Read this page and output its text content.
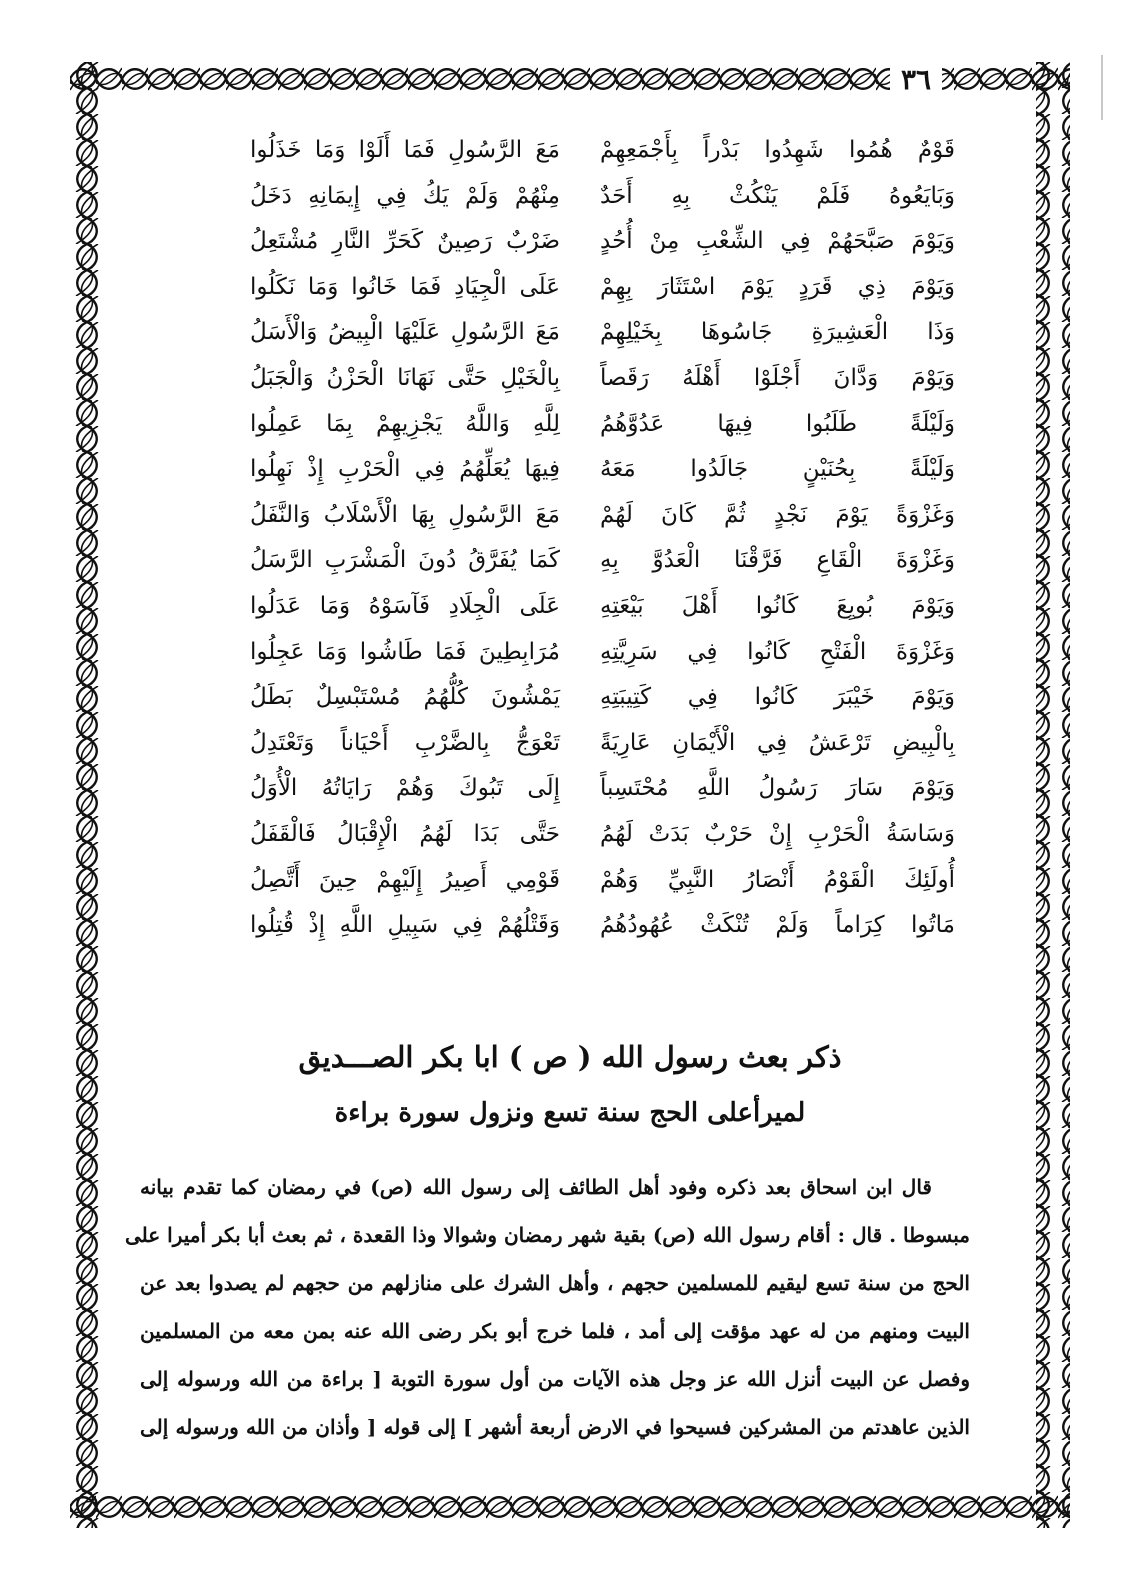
٣٦
قَوْمٌ هُمُوا شَهِدُوا بَدْراً بِأَجْمَعِهِمْ
مَعَ الرَّسُولِ فَمَا أَلَوْا وَمَا خَذَلُوا
وَبَايَعُوهُ فَلَمْ يَنْكُثْ بِهِ أَحَدٌ
مِنْهُمْ وَلَمْ يَكُ فِي إِيمَانِهِ دَخَلُ
وَيَوْمَ صَبَّحَهُمْ فِي الشِّعْبِ مِنْ أُحُدٍ
ضَرْبٌ رَصِينٌ كَحَرِّ النَّارِ مُشْتَعِلُ
وَيَوْمَ ذِي قَرَدٍ يَوْمَ اسْتَثَارَ بِهِمْ
عَلَى الْجِيَادِ فَمَا خَانُوا وَمَا نَكَلُوا
وَذَا الْعَشِيرَةِ جَاسُوهَا بِخَيْلِهِمْ
مَعَ الرَّسُولِ عَلَيْهَا الْبِيضُ وَالْأَسَلُ
وَيَوْمَ وَدَّانَ أَجْلَوْا أَهْلَهُ رَقَصاً
بِالْخَيْلِ حَتَّى نَهَانَا الْحَزْنُ وَالْجَبَلُ
وَلَيْلَةً طَلَبُوا فِيهَا عَدُوَّهُمُ
لِلَّهِ وَاللَّهُ يَجْزِيهِمْ بِمَا عَمِلُوا
وَلَيْلَةً بِحُنَيْنٍ جَالَدُوا مَعَهُ
فِيهَا يُعَلِّهُمُ فِي الْحَرْبِ إِذْ نَهِلُوا
وَغَزْوَةً يَوْمَ نَجْدٍ ثُمَّ كَانَ لَهُمْ
مَعَ الرَّسُولِ بِهَا الْأَسْلَابُ وَالنَّفَلُ
وَغَزْوَةَ الْقَاعِ فَرَّقْنَا الْعَدُوَّ بِهِ
كَمَا يُفَرَّقُ دُونَ الْمَشْرَبِ الرَّسَلُ
وَيَوْمَ بُويِعَ كَانُوا أَهْلَ بَيْعَتِهِ
عَلَى الْجِلَادِ فَآسَوْهُ وَمَا عَدَلُوا
وَغَزْوَةَ الْفَتْحِ كَانُوا فِي سَرِيَّتِهِ
مُرَابِطِينَ فَمَا طَاشُوا وَمَا عَجِلُوا
وَيَوْمَ خَيْبَرَ كَانُوا فِي كَتِيبَتِهِ
يَمْشُونَ كُلُّهُمُ مُسْتَبْسِلٌ بَطَلُ
بِالْبِيضِ تَرْعَشُ فِي الْأَيْمَانِ عَارِيَةً
تَعْوَجُّ بِالضَّرْبِ أَحْيَاناً وَتَعْتَدِلُ
وَيَوْمَ سَارَ رَسُولُ اللَّهِ مُحْتَسِباً
إِلَى تَبُوكَ وَهُمْ رَايَاتُهُ الْأُوَلُ
وَسَاسَةُ الْحَرْبِ إِنْ حَرْبٌ بَدَتْ لَهُمُ
حَتَّى بَدَا لَهُمُ الْإِقْبَالُ فَالْقَفَلُ
أُولَئِكَ الْقَوْمُ أَنْصَارُ النَّبِيِّ وَهُمْ
قَوْمِي أَصِيرُ إِلَيْهِمْ حِينَ أَتَّصِلُ
مَاتُوا كِرَاماً وَلَمْ تُنْكَثْ عُهُودُهُمُ
وَقَتْلُهُمْ فِي سَبِيلِ اللَّهِ إِذْ قُتِلُوا
ذكر بعث رسول الله ( ص ) ابا بكر الصـــديق
لميرأعلى الحج سنة تسع ونزول سورة براءة
قال ابن اسحاق بعد ذكره وفود أهل الطائف إلى رسول الله (ص) في رمضان كما تقدم بيانه
مبسوطا . قال : أقام رسول الله (ص) بقية شهر رمضان وشوالا وذا القعدة ، ثم بعث أبا بكر أميرا على
الحج من سنة تسع ليقيم للمسلمين حجهم ، وأهل الشرك على منازلهم من حجهم لم يصدوا بعد عن
البيت ومنهم من له عهد مؤقت إلى أمد ، فلما خرج أبو بكر رضى الله عنه بمن معه من المسلمين
وفصل عن البيت أنزل الله عز وجل هذه الآيات من أول سورة التوبة [ براءة من الله ورسوله إلى
الذين عاهدتم من المشركين فسيحوا في الارض أربعة أشهر ] إلى قوله [ وأذان من الله ورسوله إلى
